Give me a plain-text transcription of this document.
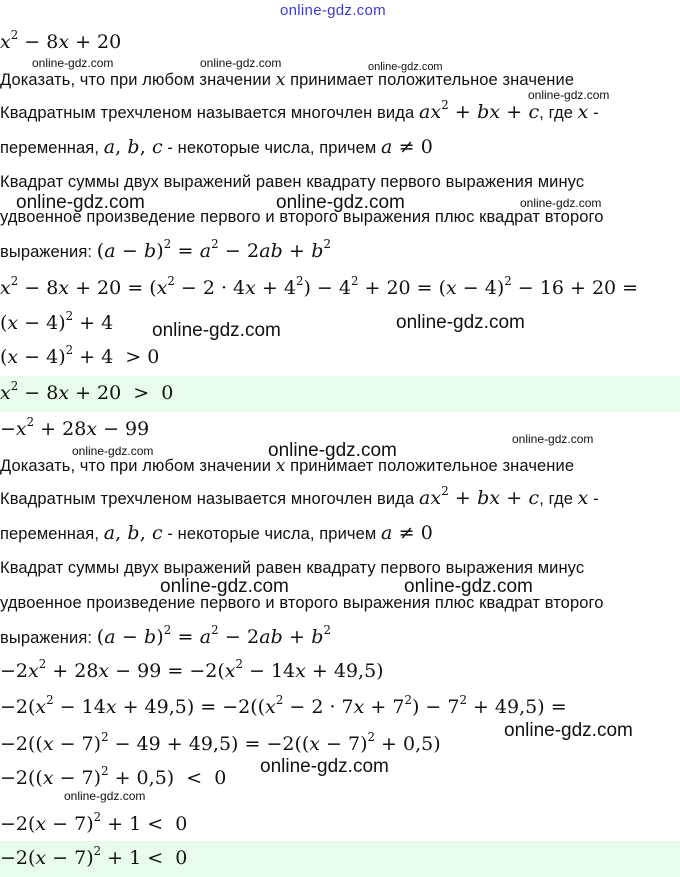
online-gdz.com
$x^2 - 8x + 20$
Доказать, что при любом значении x принимает положительное значение
Квадратным трехчленом называется многочлен вида $ax^2$ + bx + c, где x -
переменная, a, b, c - некоторые числа, причем a ≠ 0
Квадрат суммы двух выражений равен квадрату первого выражения минус
удвоенное произведение первого и второго выражения плюс квадрат второго
выражения: $(a - b)^2 = a^2 - 2ab + b^2$
$x^2 - 8x + 20 = (x^2 - 2 \cdot 4x + 4^2) - 4^2 + 20 = (x - 4)^2 - 16 + 20$ =
$(x - 4)^2 + 4$
$(x - 4)^2 + 4 > 0$
$x^2 - 8x + 20 > 0$
$-x^2 + 28x - 99$
Доказать, что при любом значении x принимает положительное значение
Квадратным трехчленом называется многочлен вида $ax^2$ + bx + c, где x -
переменная, a, b, c - некоторые числа, причем a ≠ 0
Квадрат суммы двух выражений равен квадрату первого выражения минус
удвоенное произведение первого и второго выражения плюс квадрат второго
выражения: $(a - b)^2 = a^2 - 2ab + b^2$
$-2x^2 + 28x - 99 = -2(x^2 - 14x + 49,5)$
$-2(x^2 - 14x + 49,5) = -2((x^2 - 2 \cdot 7x + 7^2) - 7^2 + 49,5)$ =
$-2((x - 7)^2 - 49 + 49,5) = -2((x - 7)^2 + 0,5)$
$-2((x - 7)^2 + 0,5) < 0$
$-2(x - 7)^2 + 1 < 0$
$-2(x - 7)^2 + 1 < 0$
online-gdz.com	online-gdz.com	online-gdz.com
online-gdz.com
online-gdz.com	online-gdz.com	online-gdz.com
online-gdz.com	online-gdz.com
online-gdz.com
online-gdz.com
online-gdz.com
online-gdz.com	online-gdz.com
online-gdz.com
online-gdz.com
online-gdz.com
